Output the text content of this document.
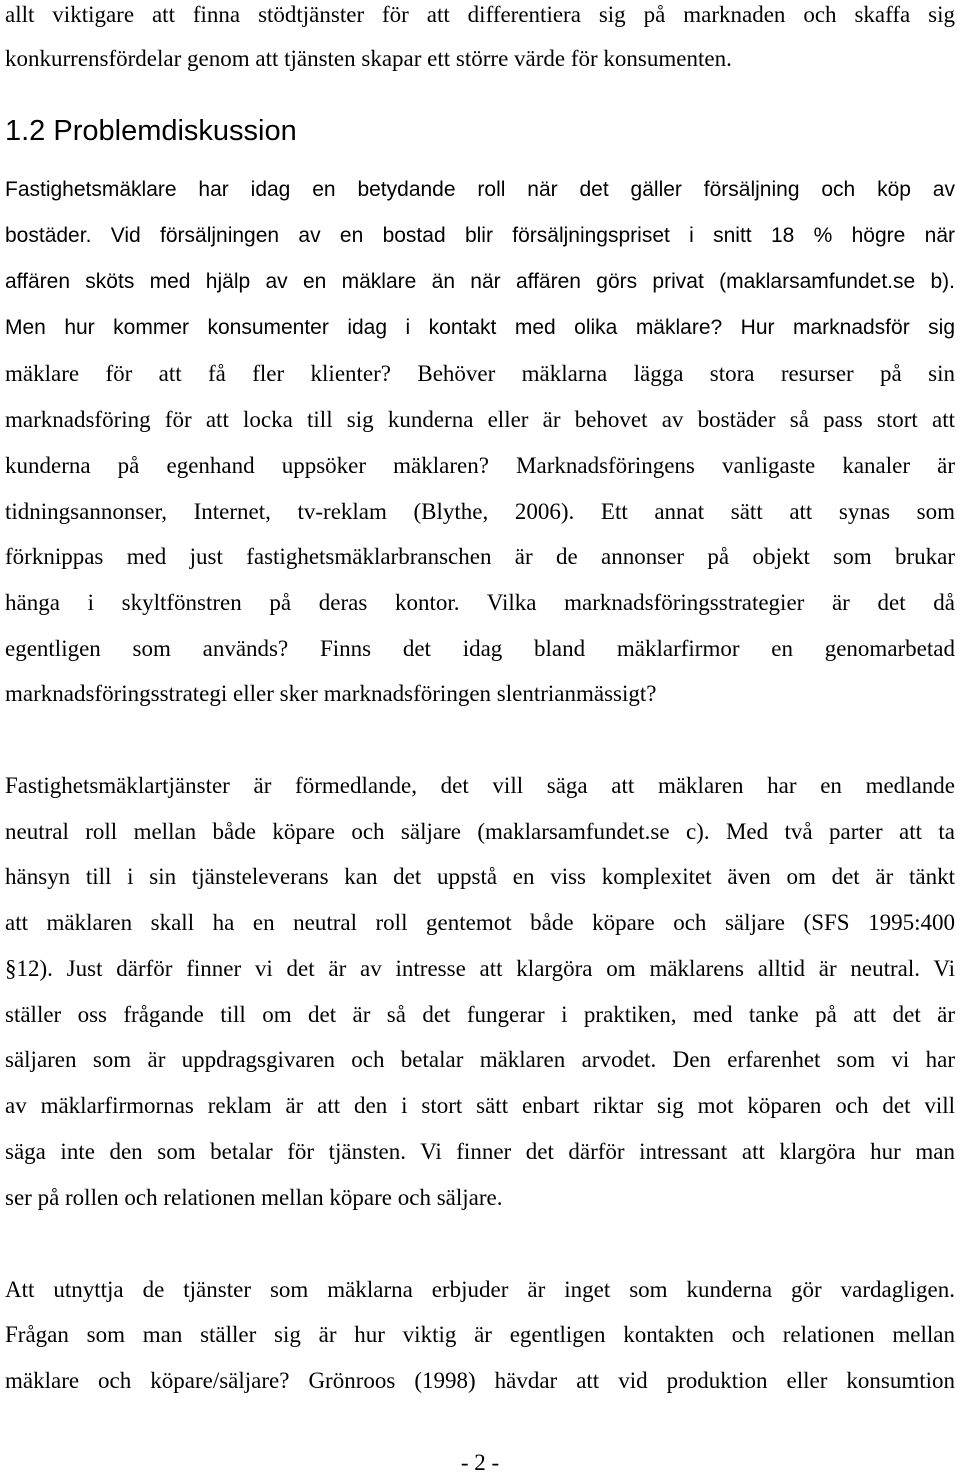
allt viktigare att finna stödtjänster för att differentiera sig på marknaden och skaffa sig

konkurrensfördelar genom att tjänsten skapar ett större värde för konsumenten.

1.2 Problemdiskussion

Fastighetsmäklare har idag en betydande roll när det gäller försäljning och köp av

bostäder. Vid försäljningen av en bostad blir försäljningspriset i snitt 18 % högre när

affären sköts med hjälp av en mäklare än när affären görs privat (maklarsamfundet.se b).

Men hur kommer konsumenter idag i kontakt med olika mäklare? Hur marknadsför sig

mäklare för att få fler klienter? Behöver mäklarna lägga stora resurser på sin

marknadsföring för att locka till sig kunderna eller är behovet av bostäder så pass stort att

kunderna på egenhand uppsöker mäklaren? Marknadsföringens vanligaste kanaler är

tidningsannonser, Internet, tv-reklam (Blythe, 2006). Ett annat sätt att synas som

förknippas med just fastighetsmäklarbranschen är de annonser på objekt som brukar

hänga i skyltfönstren på deras kontor. Vilka marknadsföringsstrategier är det då

egentligen som används? Finns det idag bland mäklarfirmor en genomarbetad

marknadsföringsstrategi eller sker marknadsföringen slentrianmässigt?

Fastighetsmäklartjänster är förmedlande, det vill säga att mäklaren har en medlande

neutral roll mellan både köpare och säljare (maklarsamfundet.se c). Med två parter att ta

hänsyn till i sin tjänsteleverans kan det uppstå en viss komplexitet även om det är tänkt

att mäklaren skall ha en neutral roll gentemot både köpare och säljare (SFS 1995:400

§12). Just därför finner vi det är av intresse att klargöra om mäklarens alltid är neutral. Vi

ställer oss frågande till om det är så det fungerar i praktiken, med tanke på att det är

säljaren som är uppdragsgivaren och betalar mäklaren arvodet. Den erfarenhet som vi har

av mäklarfirmornas reklam är att den i stort sätt enbart riktar sig mot köparen och det vill

säga inte den som betalar för tjänsten. Vi finner det därför intressant att klargöra hur man

ser på rollen och relationen mellan köpare och säljare.

Att utnyttja de tjänster som mäklarna erbjuder är inget som kunderna gör vardagligen.

Frågan som man ställer sig är hur viktig är egentligen kontakten och relationen mellan

mäklare och köpare/säljare? Grönroos (1998) hävdar att vid produktion eller konsumtion

- 2 -
